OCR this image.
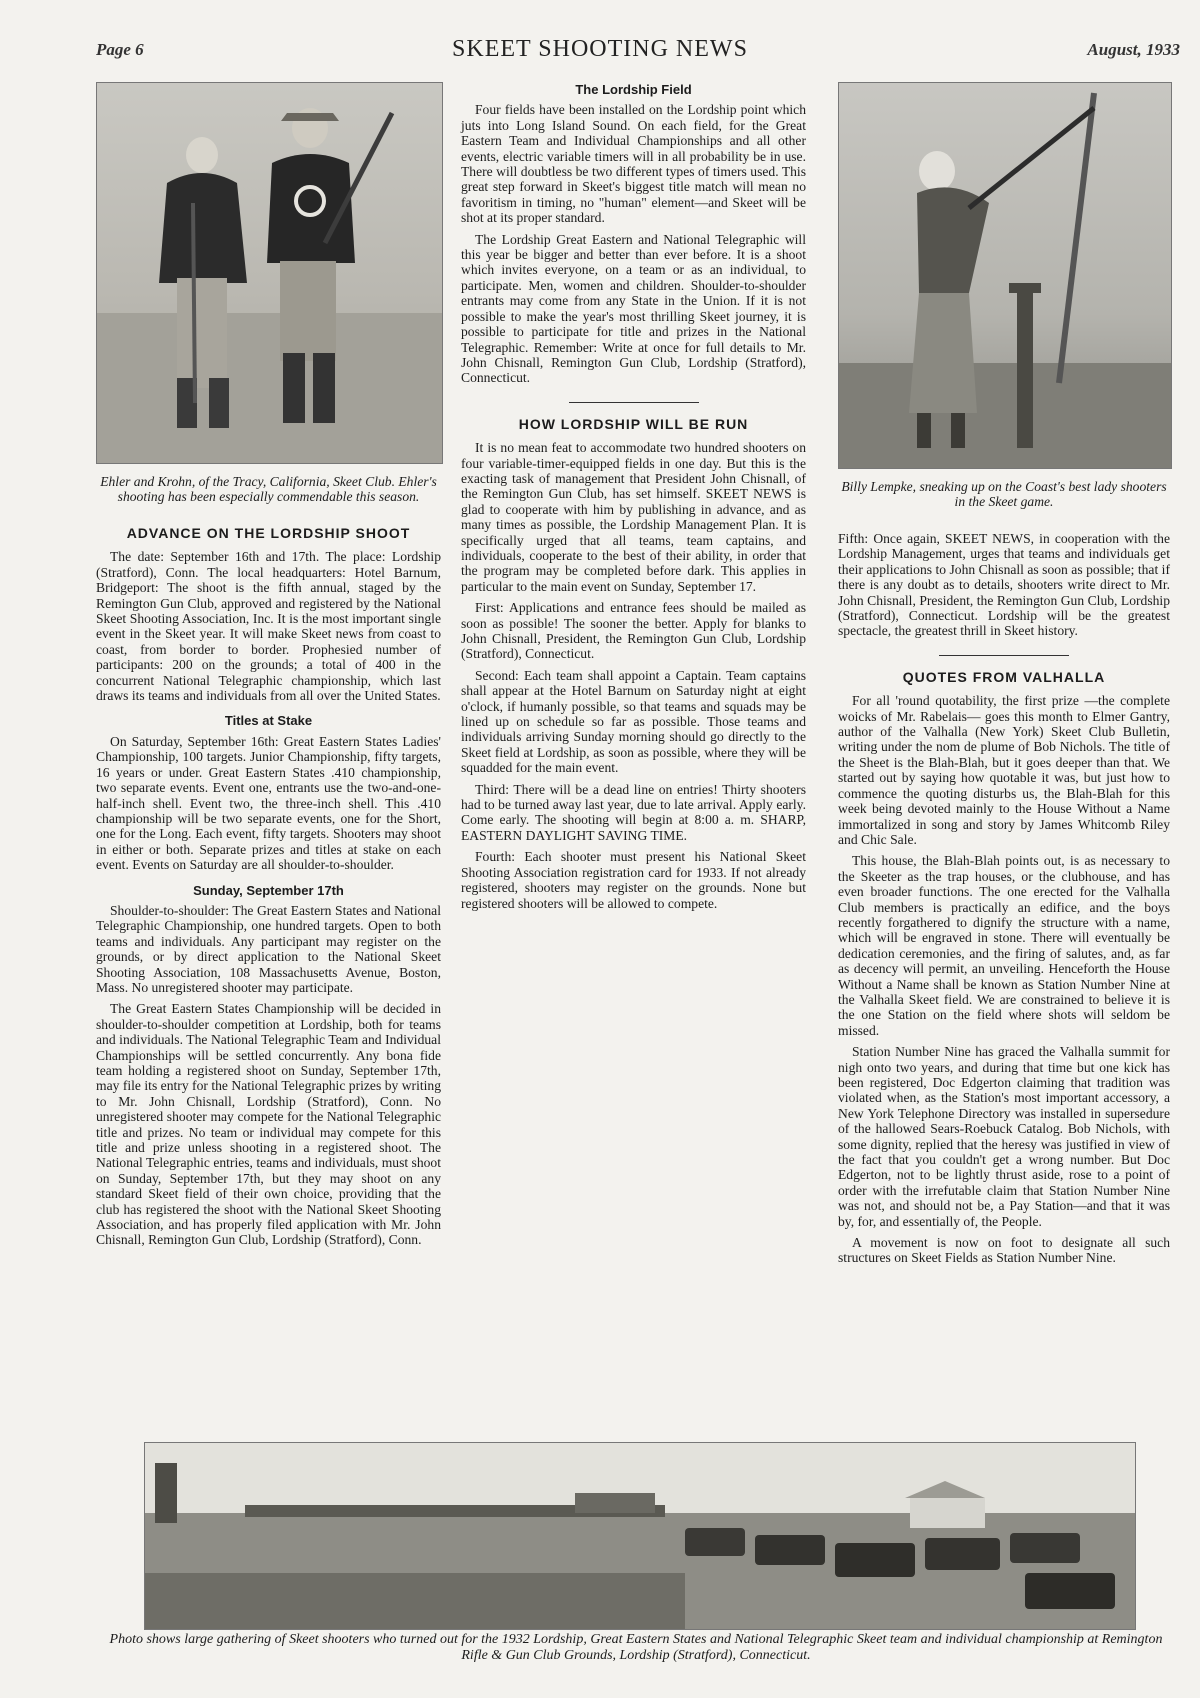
Page 6	SKEET SHOOTING NEWS	August, 1933
Ehler and Krohn, of the Tracy, California, Skeet Club. Ehler's shooting has been especially commendable this season.
ADVANCE ON THE LORDSHIP SHOOT

The date: September 16th and 17th. The place: Lordship (Stratford), Conn. The local headquarters: Hotel Barnum, Bridgeport: The shoot is the fifth annual, staged by the Remington Gun Club, approved and registered by the National Skeet Shooting Association, Inc. It is the most important single event in the Skeet year. It will make Skeet news from coast to coast, from border to border. Prophesied number of participants: 200 on the grounds; a total of 400 in the concurrent National Telegraphic championship, which last draws its teams and individuals from all over the United States.

Titles at Stake

On Saturday, September 16th: Great Eastern States Ladies' Championship, 100 targets. Junior Championship, fifty targets, 16 years or under. Great Eastern States .410 championship, two separate events. Event one, entrants use the two-and-one-half-inch shell. Event two, the three-inch shell. This .410 championship will be two separate events, one for the Short, one for the Long. Each event, fifty targets. Shooters may shoot in either or both. Separate prizes and titles at stake on each event. Events on Saturday are all shoulder-to-shoulder.

Sunday, September 17th

Shoulder-to-shoulder: The Great Eastern States and National Telegraphic Championship, one hundred targets. Open to both teams and individuals. Any participant may register on the grounds, or by direct application to the National Skeet Shooting Association, 108 Massachusetts Avenue, Boston, Mass. No unregistered shooter may participate.

The Great Eastern States Championship will be decided in shoulder-to-shoulder competition at Lordship, both for teams and individuals. The National Telegraphic Team and Individual Championships will be settled concurrently. Any bona fide team holding a registered shoot on Sunday, September 17th, may file its entry for the National Telegraphic prizes by writing to Mr. John Chisnall, Lordship (Stratford), Conn. No unregistered shooter may compete for the National Telegraphic title and prizes. No team or individual may compete for this title and prize unless shooting in a registered shoot. The National Telegraphic entries, teams and individuals, must shoot on Sunday, September 17th, but they may shoot on any standard Skeet field of their own choice, providing that the club has registered the shoot with the National Skeet Shooting Association, and has properly filed application with Mr. John Chisnall, Remington Gun Club, Lordship (Stratford), Conn.

The Lordship Field

Four fields have been installed on the Lordship point which juts into Long Island Sound. On each field, for the Great Eastern Team and Individual Championships and all other events, electric variable timers will in all probability be in use. There will doubtless be two different types of timers used. This great step forward in Skeet's biggest title match will mean no favoritism in timing, no "human" element—and Skeet will be shot at its proper standard.

The Lordship Great Eastern and National Telegraphic will this year be bigger and better than ever before. It is a shoot which invites everyone, on a team or as an individual, to participate. Men, women and children. Shoulder-to-shoulder entrants may come from any State in the Union. If it is not possible to make the year's most thrilling Skeet journey, it is possible to participate for title and prizes in the National Telegraphic. Remember: Write at once for full details to Mr. John Chisnall, Remington Gun Club, Lordship (Stratford), Connecticut.

HOW LORDSHIP WILL BE RUN

It is no mean feat to accommodate two hundred shooters on four variable-timer-equipped fields in one day. But this is the exacting task of management that President John Chisnall, of the Remington Gun Club, has set himself. SKEET NEWS is glad to cooperate with him by publishing in advance, and as many times as possible, the Lordship Management Plan. It is specifically urged that all teams, team captains, and individuals, cooperate to the best of their ability, in order that the program may be completed before dark. This applies in particular to the main event on Sunday, September 17.

First: Applications and entrance fees should be mailed as soon as possible! The sooner the better. Apply for blanks to John Chisnall, President, the Remington Gun Club, Lordship (Stratford), Connecticut.

Second: Each team shall appoint a Captain. Team captains shall appear at the Hotel Barnum on Saturday night at eight o'clock, if humanly possible, so that teams and squads may be lined up on schedule so far as possible. Those teams and individuals arriving Sunday morning should go directly to the Skeet field at Lordship, as soon as possible, where they will be squadded for the main event.

Third: There will be a dead line on entries! Thirty shooters had to be turned away last year, due to late arrival. Apply early. Come early. The shooting will begin at 8:00 a. m. SHARP, EASTERN DAYLIGHT SAVING TIME.

Fourth: Each shooter must present his National Skeet Shooting Association registration card for 1933. If not already registered, shooters may register on the grounds. None but registered shooters will be allowed to compete.

Billy Lempke, sneaking up on the Coast's best lady shooters in the Skeet game.

Fifth: Once again, SKEET NEWS, in cooperation with the Lordship Management, urges that teams and individuals get their applications to John Chisnall as soon as possible; that if there is any doubt as to details, shooters write direct to Mr. John Chisnall, President, the Remington Gun Club, Lordship (Stratford), Connecticut. Lordship will be the greatest spectacle, the greatest thrill in Skeet history.

QUOTES FROM VALHALLA

For all 'round quotability, the first prize —the complete woicks of Mr. Rabelais— goes this month to Elmer Gantry, author of the Valhalla (New York) Skeet Club Bulletin, writing under the nom de plume of Bob Nichols. The title of the Sheet is the Blah-Blah, but it goes deeper than that. We started out by saying how quotable it was, but just how to commence the quoting disturbs us, the Blah-Blah for this week being devoted mainly to the House Without a Name immortalized in song and story by James Whitcomb Riley and Chic Sale.

This house, the Blah-Blah points out, is as necessary to the Skeeter as the trap houses, or the clubhouse, and has even broader functions. The one erected for the Valhalla Club members is practically an edifice, and the boys recently forgathered to dignify the structure with a name, which will be engraved in stone. There will eventually be dedication ceremonies, and the firing of salutes, and, as far as decency will permit, an unveiling. Henceforth the House Without a Name shall be known as Station Number Nine at the Valhalla Skeet field. We are constrained to believe it is the one Station on the field where shots will seldom be missed.

Station Number Nine has graced the Valhalla summit for nigh onto two years, and during that time but one kick has been registered, Doc Edgerton claiming that tradition was violated when, as the Station's most important accessory, a New York Telephone Directory was installed in supersedure of the hallowed Sears-Roebuck Catalog. Bob Nichols, with some dignity, replied that the heresy was justified in view of the fact that you couldn't get a wrong number. But Doc Edgerton, not to be lightly thrust aside, rose to a point of order with the irrefutable claim that Station Number Nine was not, and should not be, a Pay Station—and that it was by, for, and essentially of, the People.

A movement is now on foot to designate all such structures on Skeet Fields as Station Number Nine.

Photo shows large gathering of Skeet shooters who turned out for the 1932 Lordship, Great Eastern States and National Telegraphic Skeet team and individual championship at Remington Rifle & Gun Club Grounds, Lordship (Stratford), Connecticut.
